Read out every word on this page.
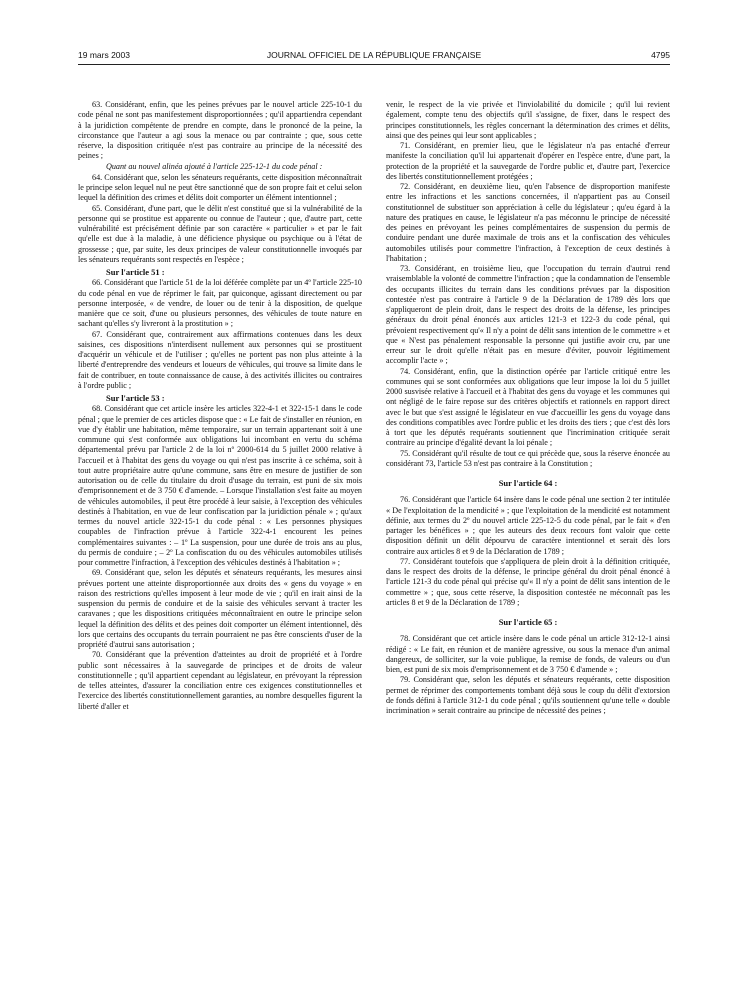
19 mars 2003	JOURNAL OFFICIEL DE LA RÉPUBLIQUE FRANÇAISE	4795

63. Considérant, enfin, que les peines prévues par le nouvel article 225-10-1 du code pénal ne sont pas manifestement disproportionnées ; qu'il appartiendra cependant à la juridiction compétente de prendre en compte, dans le prononcé de la peine, la circonstance que l'auteur a agi sous la menace ou par contrainte ; que, sous cette réserve, la disposition critiquée n'est pas contraire au principe de la nécessité des peines ;

Quant au nouvel alinéa ajouté à l'article 225-12-1 du code pénal :

64. Considérant que, selon les sénateurs requérants, cette disposition méconnaîtrait le principe selon lequel nul ne peut être sanctionné que de son propre fait et celui selon lequel la définition des crimes et délits doit comporter un élément intentionnel ;

65. Considérant, d'une part, que le délit n'est constitué que si la vulnérabilité de la personne qui se prostitue est apparente ou connue de l'auteur ; que, d'autre part, cette vulnérabilité est précisément définie par son caractère « particulier » et par le fait qu'elle est due à la maladie, à une déficience physique ou psychique ou à l'état de grossesse ; que, par suite, les deux principes de valeur constitutionnelle invoqués par les sénateurs requérants sont respectés en l'espèce ;

Sur l'article 51 :

66. Considérant que l'article 51 de la loi déférée complète par un 4º l'article 225-10 du code pénal en vue de réprimer le fait, par quiconque, agissant directement ou par personne interposée, « de vendre, de louer ou de tenir à la disposition, de quelque manière que ce soit, d'une ou plusieurs personnes, des véhicules de toute nature en sachant qu'elles s'y livreront à la prostitution » ;

67. Considérant que, contrairement aux affirmations contenues dans les deux saisines, ces dispositions n'interdisent nullement aux personnes qui se prostituent d'acquérir un véhicule et de l'utiliser ; qu'elles ne portent pas non plus atteinte à la liberté d'entreprendre des vendeurs et loueurs de véhicules, qui trouve sa limite dans le fait de contribuer, en toute connaissance de cause, à des activités illicites ou contraires à l'ordre public ;

Sur l'article 53 :

68. Considérant que cet article insère les articles 322-4-1 et 322-15-1 dans le code pénal ; que le premier de ces articles dispose que : « Le fait de s'installer en réunion, en vue d'y établir une habitation, même temporaire, sur un terrain appartenant soit à une commune qui s'est conformée aux obligations lui incombant en vertu du schéma départemental prévu par l'article 2 de la loi nº 2000-614 du 5 juillet 2000 relative à l'accueil et à l'habitat des gens du voyage ou qui n'est pas inscrite à ce schéma, soit à tout autre propriétaire autre qu'une commune, sans être en mesure de justifier de son autorisation ou de celle du titulaire du droit d'usage du terrain, est puni de six mois d'emprisonnement et de 3 750 € d'amende. – Lorsque l'installation s'est faite au moyen de véhicules automobiles, il peut être procédé à leur saisie, à l'exception des véhicules destinés à l'habitation, en vue de leur confiscation par la juridiction pénale » ; qu'aux termes du nouvel article 322-15-1 du code pénal : « Les personnes physiques coupables de l'infraction prévue à l'article 322-4-1 encourent les peines complémentaires suivantes : – 1º La suspension, pour une durée de trois ans au plus, du permis de conduire ; – 2º La confiscation du ou des véhicules automobiles utilisés pour commettre l'infraction, à l'exception des véhicules destinés à l'habitation » ;

69. Considérant que, selon les députés et sénateurs requérants, les mesures ainsi prévues portent une atteinte disproportionnée aux droits des « gens du voyage » en raison des restrictions qu'elles imposent à leur mode de vie ; qu'il en irait ainsi de la suspension du permis de conduire et de la saisie des véhicules servant à tracter les caravanes ; que les dispositions critiquées méconnaîtraient en outre le principe selon lequel la définition des délits et des peines doit comporter un élément intentionnel, dès lors que certains des occupants du terrain pourraient ne pas être conscients d'user de la propriété d'autrui sans autorisation ;

70. Considérant que la prévention d'atteintes au droit de propriété et à l'ordre public sont nécessaires à la sauvegarde de principes et de droits de valeur constitutionnelle ; qu'il appartient cependant au législateur, en prévoyant la répression de telles atteintes, d'assurer la conciliation entre ces exigences constitutionnelles et l'exercice des libertés constitutionnellement garanties, au nombre desquelles figurent la liberté d'aller et

venir, le respect de la vie privée et l'inviolabilité du domicile ; qu'il lui revient également, compte tenu des objectifs qu'il s'assigne, de fixer, dans le respect des principes constitutionnels, les règles concernant la détermination des crimes et délits, ainsi que des peines qui leur sont applicables ;

71. Considérant, en premier lieu, que le législateur n'a pas entaché d'erreur manifeste la conciliation qu'il lui appartenait d'opérer en l'espèce entre, d'une part, la protection de la propriété et la sauvegarde de l'ordre public et, d'autre part, l'exercice des libertés constitutionnellement protégées ;

72. Considérant, en deuxième lieu, qu'en l'absence de disproportion manifeste entre les infractions et les sanctions concernées, il n'appartient pas au Conseil constitutionnel de substituer son appréciation à celle du législateur ; qu'eu égard à la nature des pratiques en cause, le législateur n'a pas méconnu le principe de nécessité des peines en prévoyant les peines complémentaires de suspension du permis de conduire pendant une durée maximale de trois ans et la confiscation des véhicules automobiles utilisés pour commettre l'infraction, à l'exception de ceux destinés à l'habitation ;

73. Considérant, en troisième lieu, que l'occupation du terrain d'autrui rend vraisemblable la volonté de commettre l'infraction ; que la condamnation de l'ensemble des occupants illicites du terrain dans les conditions prévues par la disposition contestée n'est pas contraire à l'article 9 de la Déclaration de 1789 dès lors que s'appliqueront de plein droit, dans le respect des droits de la défense, les principes généraux du droit pénal énoncés aux articles 121-3 et 122-3 du code pénal, qui prévoient respectivement qu'« Il n'y a point de délit sans intention de le commettre » et que « N'est pas pénalement responsable la personne qui justifie avoir cru, par une erreur sur le droit qu'elle n'était pas en mesure d'éviter, pouvoir légitimement accomplir l'acte » ;

74. Considérant, enfin, que la distinction opérée par l'article critiqué entre les communes qui se sont conformées aux obligations que leur impose la loi du 5 juillet 2000 susvisée relative à l'accueil et à l'habitat des gens du voyage et les communes qui ont négligé de le faire repose sur des critères objectifs et rationnels en rapport direct avec le but que s'est assigné le législateur en vue d'accueillir les gens du voyage dans des conditions compatibles avec l'ordre public et les droits des tiers ; que c'est dès lors à tort que les députés requérants soutiennent que l'incrimination critiquée serait contraire au principe d'égalité devant la loi pénale ;

75. Considérant qu'il résulte de tout ce qui précède que, sous la réserve énoncée au considérant 73, l'article 53 n'est pas contraire à la Constitution ;

Sur l'article 64 :

76. Considérant que l'article 64 insère dans le code pénal une section 2 ter intitulée « De l'exploitation de la mendicité » ; que l'exploitation de la mendicité est notamment définie, aux termes du 2º du nouvel article 225-12-5 du code pénal, par le fait « d'en partager les bénéfices » ; que les auteurs des deux recours font valoir que cette disposition définit un délit dépourvu de caractère intentionnel et serait dès lors contraire aux articles 8 et 9 de la Déclaration de 1789 ;

77. Considérant toutefois que s'appliquera de plein droit à la définition critiquée, dans le respect des droits de la défense, le principe général du droit pénal énoncé à l'article 121-3 du code pénal qui précise qu'« Il n'y a point de délit sans intention de le commettre » ; que, sous cette réserve, la disposition contestée ne méconnaît pas les articles 8 et 9 de la Déclaration de 1789 ;

Sur l'article 65 :

78. Considérant que cet article insère dans le code pénal un article 312-12-1 ainsi rédigé : « Le fait, en réunion et de manière agressive, ou sous la menace d'un animal dangereux, de solliciter, sur la voie publique, la remise de fonds, de valeurs ou d'un bien, est puni de six mois d'emprisonnement et de 3 750 € d'amende » ;

79. Considérant que, selon les députés et sénateurs requérants, cette disposition permet de réprimer des comportements tombant déjà sous le coup du délit d'extorsion de fonds défini à l'article 312-1 du code pénal ; qu'ils soutiennent qu'une telle « double incrimination » serait contraire au principe de nécessité des peines ;
